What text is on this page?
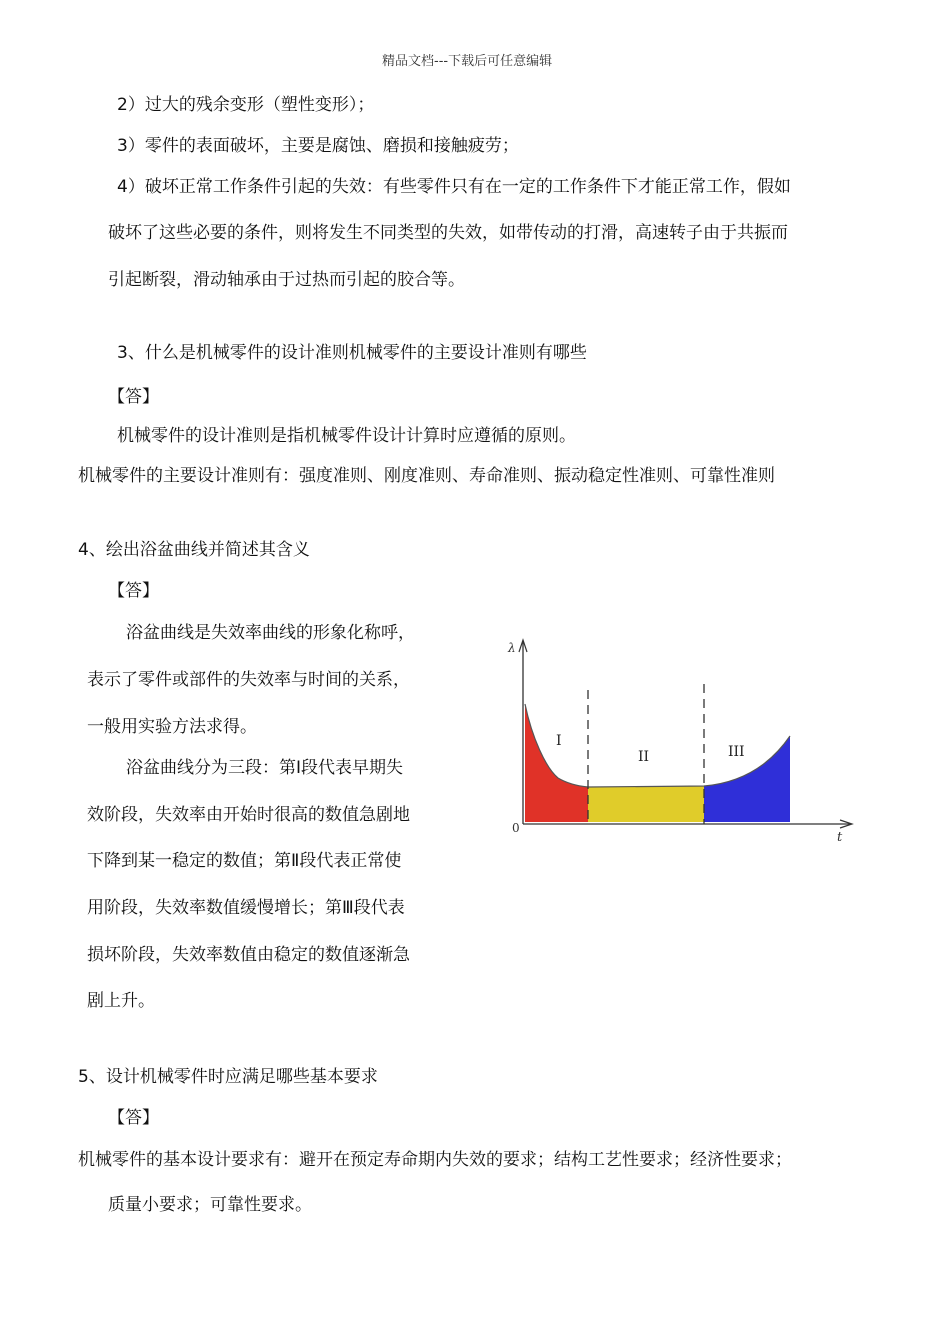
精品文档---下载后可任意编辑
2）过大的残余变形（塑性变形）；
3）零件的表面破坏，主要是腐蚀、磨损和接触疲劳；
4）破坏正常工作条件引起的失效：有些零件只有在一定的工作条件下才能正常工作，假如
破坏了这些必要的条件，则将发生不同类型的失效，如带传动的打滑，高速转子由于共振而
引起断裂，滑动轴承由于过热而引起的胶合等。
3、什么是机械零件的设计准则机械零件的主要设计准则有哪些
【答】
机械零件的设计准则是指机械零件设计计算时应遵循的原则。
机械零件的主要设计准则有：强度准则、刚度准则、寿命准则、振动稳定性准则、可靠性准则
4、绘出浴盆曲线并简述其含义
【答】
浴盆曲线是失效率曲线的形象化称呼，
表示了零件或部件的失效率与时间的关系，
一般用实验方法求得。
浴盆曲线分为三段：第Ⅰ段代表早期失
效阶段，失效率由开始时很高的数值急剧地
下降到某一稳定的数值；第Ⅱ段代表正常使
用阶段，失效率数值缓慢增长；第Ⅲ段代表
损坏阶段，失效率数值由稳定的数值逐渐急
剧上升。
λ
t
0
I
II	III
5、设计机械零件时应满足哪些基本要求
【答】
机械零件的基本设计要求有：避开在预定寿命期内失效的要求；结构工艺性要求；经济性要求；
质量小要求；可靠性要求。
